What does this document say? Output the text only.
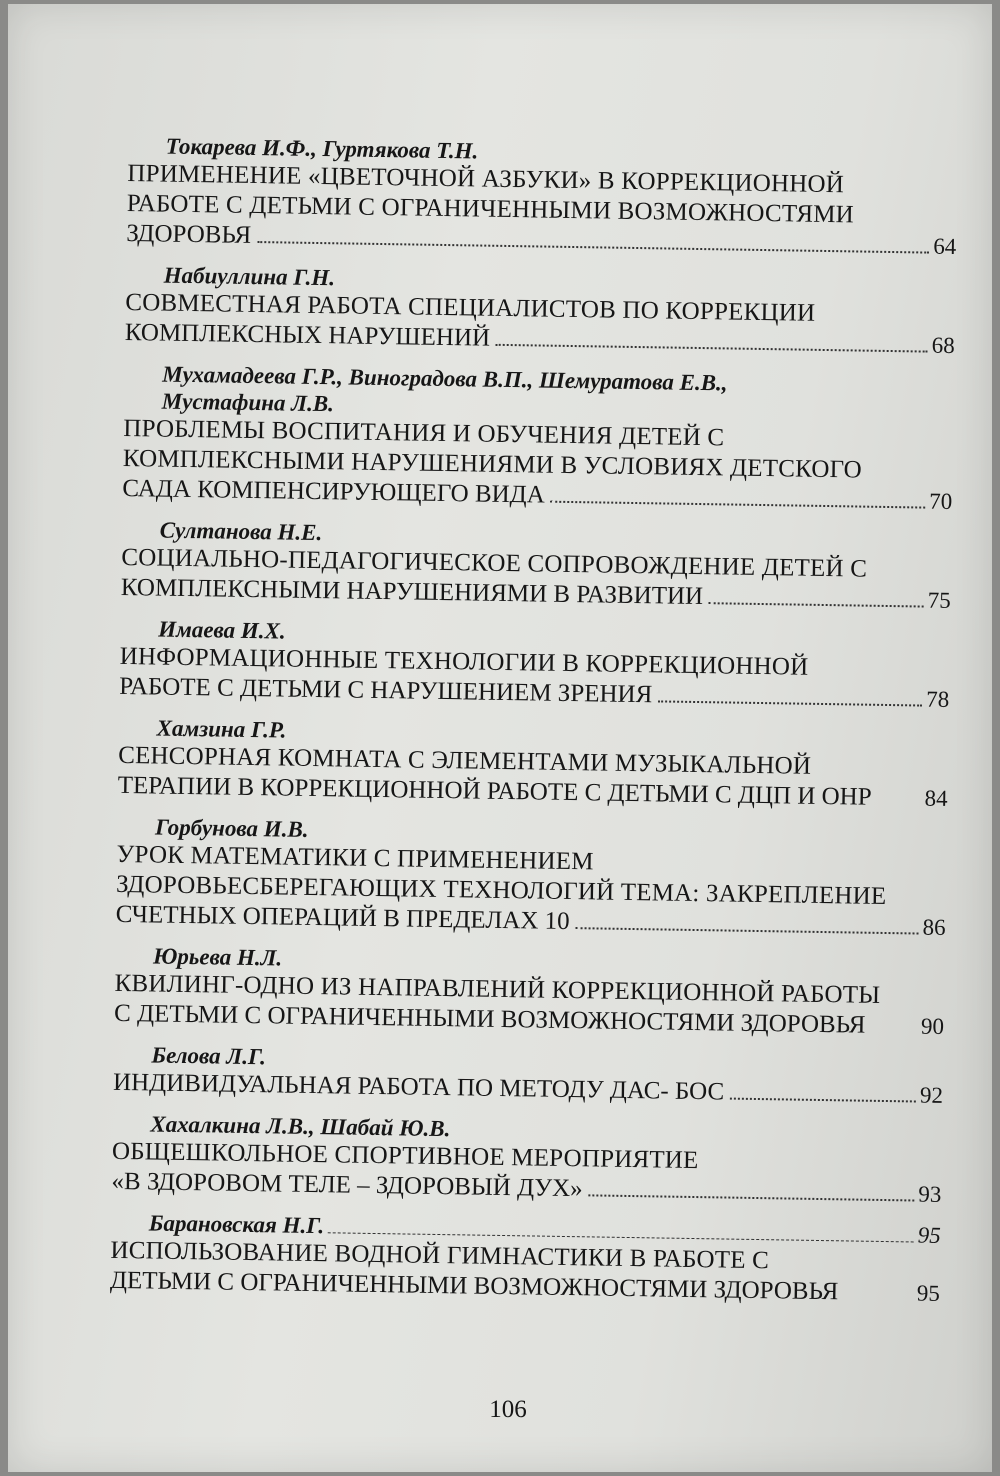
Токарева И.Ф., Гуртякова Т.Н.
ПРИМЕНЕНИЕ «ЦВЕТОЧНОЙ АЗБУКИ» В КОРРЕКЦИОННОЙ
РАБОТЕ С ДЕТЬМИ С ОГРАНИЧЕННЫМИ ВОЗМОЖНОСТЯМИ
ЗДОРОВЬЯ	64
Набиуллина Г.Н.
СОВМЕСТНАЯ РАБОТА СПЕЦИАЛИСТОВ ПО КОРРЕКЦИИ
КОМПЛЕКСНЫХ НАРУШЕНИЙ	68
Мухамадеева Г.Р., Виноградова В.П., Шемуратова Е.В.,
Мустафина Л.В.
ПРОБЛЕМЫ ВОСПИТАНИЯ И ОБУЧЕНИЯ ДЕТЕЙ С
КОМПЛЕКСНЫМИ НАРУШЕНИЯМИ В УСЛОВИЯХ ДЕТСКОГО
САДА КОМПЕНСИРУЮЩЕГО ВИДА	70
Султанова Н.Е.
СОЦИАЛЬНО-ПЕДАГОГИЧЕСКОЕ СОПРОВОЖДЕНИЕ ДЕТЕЙ С
КОМПЛЕКСНЫМИ НАРУШЕНИЯМИ В РАЗВИТИИ	75
Имаева И.Х.
ИНФОРМАЦИОННЫЕ ТЕХНОЛОГИИ В КОРРЕКЦИОННОЙ
РАБОТЕ С ДЕТЬМИ С НАРУШЕНИЕМ ЗРЕНИЯ	78
Хамзина Г.Р.
СЕНСОРНАЯ КОМНАТА С ЭЛЕМЕНТАМИ МУЗЫКАЛЬНОЙ
ТЕРАПИИ В КОРРЕКЦИОННОЙ РАБОТЕ С ДЕТЬМИ С ДЦП И ОНР 84
Горбунова И.В.
УРОК МАТЕМАТИКИ С ПРИМЕНЕНИЕМ
ЗДОРОВЬЕСБЕРЕГАЮЩИХ ТЕХНОЛОГИЙ ТЕМА: ЗАКРЕПЛЕНИЕ
СЧЕТНЫХ ОПЕРАЦИЙ В ПРЕДЕЛАХ 10	86
Юрьева Н.Л.
КВИЛИНГ-ОДНО ИЗ НАПРАВЛЕНИЙ КОРРЕКЦИОННОЙ РАБОТЫ
С ДЕТЬМИ С ОГРАНИЧЕННЫМИ ВОЗМОЖНОСТЯМИ ЗДОРОВЬЯ 90
Белова Л.Г.
ИНДИВИДУАЛЬНАЯ РАБОТА ПО МЕТОДУ ДАС- БОС	92
Хахалкина Л.В., Шабай Ю.В.
ОБЩЕШКОЛЬНОЕ СПОРТИВНОЕ МЕРОПРИЯТИЕ
«В ЗДОРОВОМ ТЕЛЕ – ЗДОРОВЫЙ ДУХ»	93
Барановская Н.Г.	95
ИСПОЛЬЗОВАНИЕ ВОДНОЙ ГИМНАСТИКИ В РАБОТЕ С
ДЕТЬМИ С ОГРАНИЧЕННЫМИ ВОЗМОЖНОСТЯМИ ЗДОРОВЬЯ	95
106
